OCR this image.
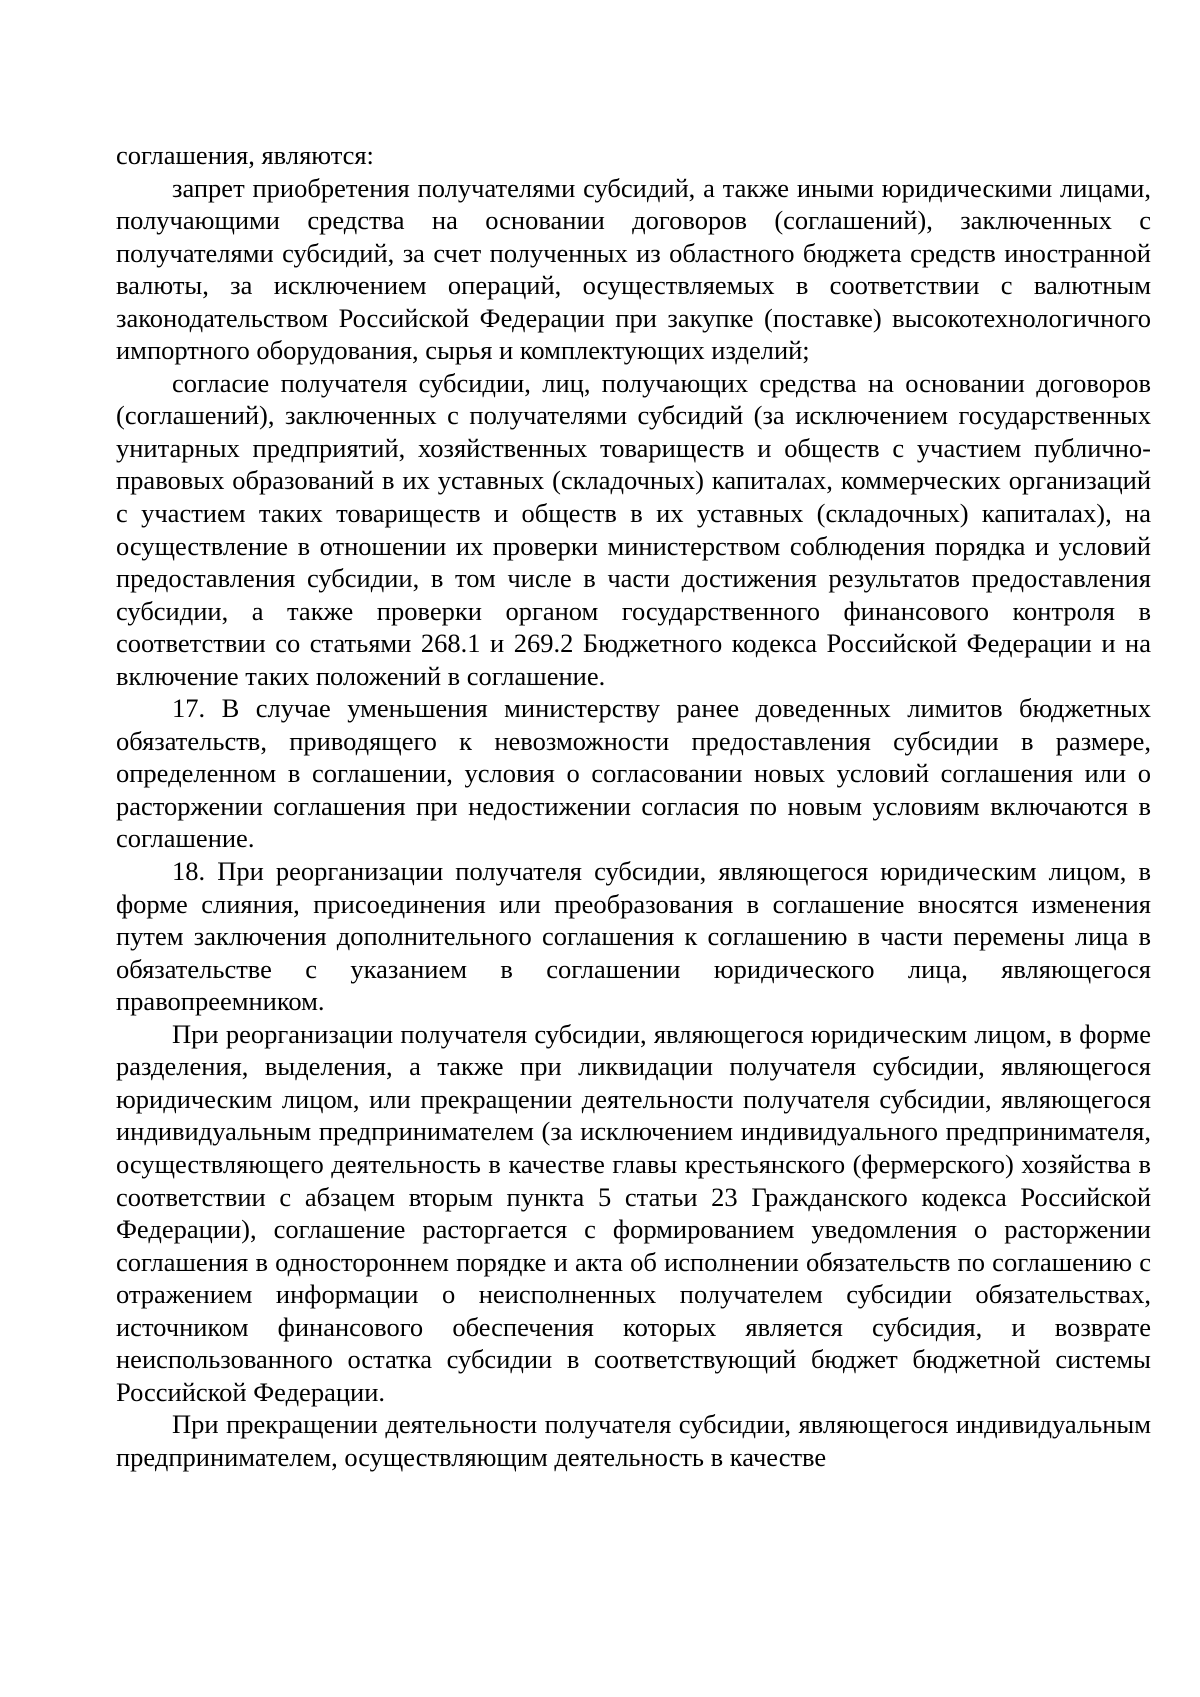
соглашения, являются:

запрет приобретения получателями субсидий, а также иными юридическими лицами, получающими средства на основании договоров (соглашений), заключенных с получателями субсидий, за счет полученных из областного бюджета средств иностранной валюты, за исключением операций, осуществляемых в соответствии с валютным законодательством Российской Федерации при закупке (поставке) высокотехнологичного импортного оборудования, сырья и комплектующих изделий;

согласие получателя субсидии, лиц, получающих средства на основании договоров (соглашений), заключенных с получателями субсидий (за исключением государственных унитарных предприятий, хозяйственных товариществ и обществ с участием публично-правовых образований в их уставных (складочных) капиталах, коммерческих организаций с участием таких товариществ и обществ в их уставных (складочных) капиталах), на осуществление в отношении их проверки министерством соблюдения порядка и условий предоставления субсидии, в том числе в части достижения результатов предоставления субсидии, а также проверки органом государственного финансового контроля в соответствии со статьями 268.1 и 269.2 Бюджетного кодекса Российской Федерации и на включение таких положений в соглашение.

17. В случае уменьшения министерству ранее доведенных лимитов бюджетных обязательств, приводящего к невозможности предоставления субсидии в размере, определенном в соглашении, условия о согласовании новых условий соглашения или о расторжении соглашения при недостижении согласия по новым условиям включаются в соглашение.

18. При реорганизации получателя субсидии, являющегося юридическим лицом, в форме слияния, присоединения или преобразования в соглашение вносятся изменения путем заключения дополнительного соглашения к соглашению в части перемены лица в обязательстве с указанием в соглашении юридического лица, являющегося правопреемником.

При реорганизации получателя субсидии, являющегося юридическим лицом, в форме разделения, выделения, а также при ликвидации получателя субсидии, являющегося юридическим лицом, или прекращении деятельности получателя субсидии, являющегося индивидуальным предпринимателем (за исключением индивидуального предпринимателя, осуществляющего деятельность в качестве главы крестьянского (фермерского) хозяйства в соответствии с абзацем вторым пункта 5 статьи 23 Гражданского кодекса Российской Федерации), соглашение расторгается с формированием уведомления о расторжении соглашения в одностороннем порядке и акта об исполнении обязательств по соглашению с отражением информации о неисполненных получателем субсидии обязательствах, источником финансового обеспечения которых является субсидия, и возврате неиспользованного остатка субсидии в соответствующий бюджет бюджетной системы Российской Федерации.

При прекращении деятельности получателя субсидии, являющегося индивидуальным предпринимателем, осуществляющим деятельность в качестве
